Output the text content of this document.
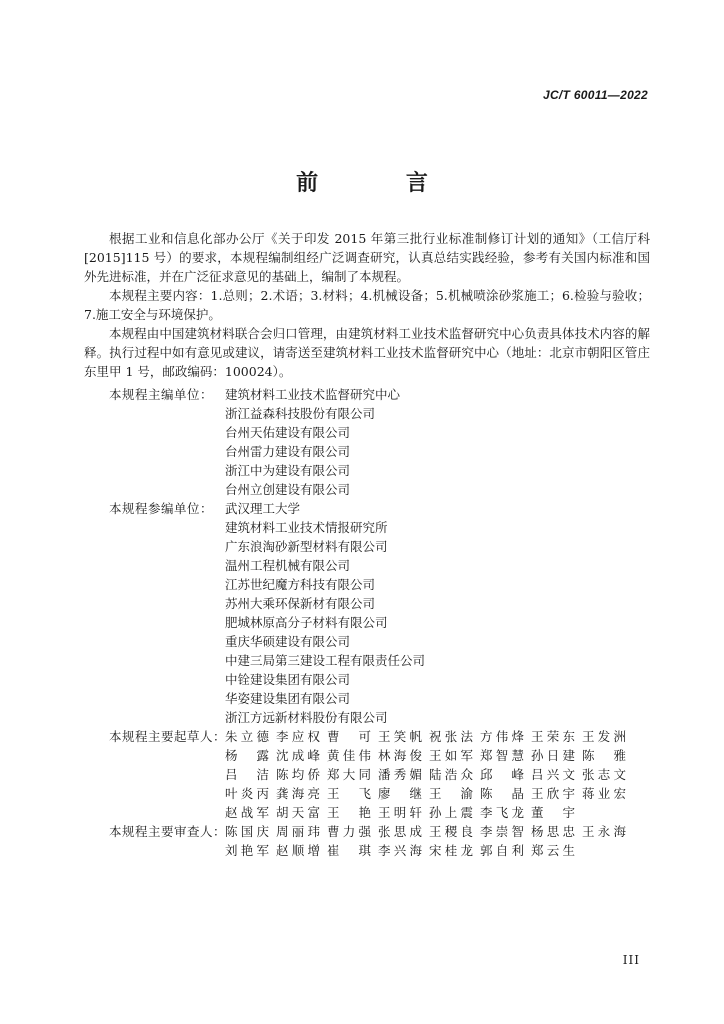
JC/T 60011—2022
前 言

根据工业和信息化部办公厅《关于印发 2015 年第三批行业标准制修订计划的通知》（工信厅科[2015]115 号）的要求，本规程编制组经广泛调查研究，认真总结实践经验，参考有关国内标准和国外先进标准，并在广泛征求意见的基础上，编制了本规程。

本规程主要内容：1.总则；2.术语；3.材料；4.机械设备；5.机械喷涂砂浆施工；6.检验与验收；7.施工安全与环境保护。

本规程由中国建筑材料联合会归口管理，由建筑材料工业技术监督研究中心负责具体技术内容的解释。执行过程中如有意见或建议，请寄送至建筑材料工业技术监督研究中心（地址：北京市朝阳区管庄东里甲 1 号，邮政编码：100024）。

本规程主编单位： 建筑材料工业技术监督研究中心
浙江益森科技股份有限公司
台州天佑建设有限公司
台州雷力建设有限公司
浙江中为建设有限公司
台州立创建设有限公司
本规程参编单位： 武汉理工大学
建筑材料工业技术情报研究所
广东浪淘砂新型材料有限公司
温州工程机械有限公司
江苏世纪魔方科技有限公司
苏州大乘环保新材有限公司
肥城林原高分子材料有限公司
重庆华硕建设有限公司
中建三局第三建设工程有限责任公司
中铨建设集团有限公司
华姿建设集团有限公司
浙江方远新材料股份有限公司
本规程主要起草人：
朱立德 李应权 曹可 王笑帆 祝张法 方伟烽 王荣东 王发洲
杨露 沈成峰 黄佳伟 林海俊 王如军 郑智慧 孙日建 陈雅
吕洁 陈均侨 郑大同 潘秀媚 陆浩众 邱峰 吕兴文 张志文
叶炎丙 龚海亮 王飞 廖继 王渝 陈晶 王欣宇 蒋业宏
赵战军 胡天富 王艳 王明轩 孙上震 李飞龙 董宇
本规程主要审查人：
陈国庆 周丽玮 曹力强 张思成 王稷良 李崇智 杨思忠 王永海
刘艳军 赵顺增 崔琪 李兴海 宋桂龙 郭自利 郑云生
III
